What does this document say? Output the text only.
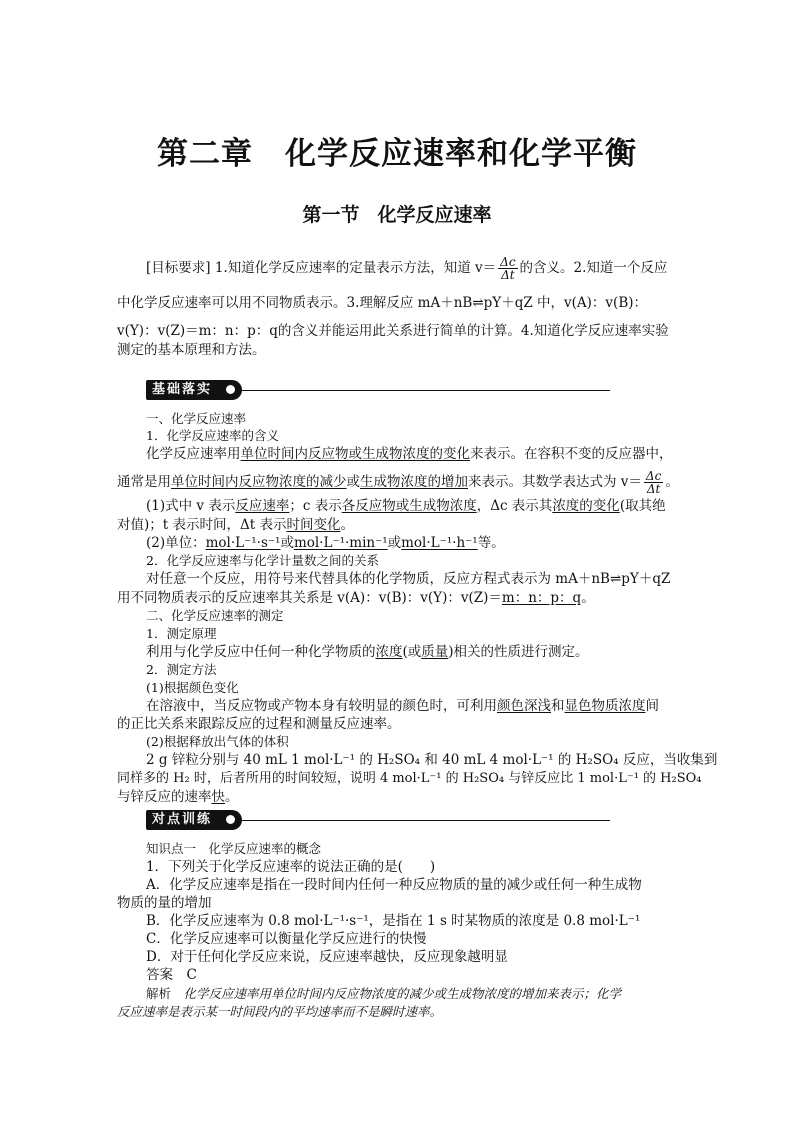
第二章　化学反应速率和化学平衡
第一节 化学反应速率
[目标要求] 1.知道化学反应速率的定量表示方法，知道 $v= \frac{\Delta c}{\Delta t}$ 的含义。2.知道一个反应
中化学反应速率可以用不同物质表示。3.理解反应 mA＋nB⇌pY＋qZ 中，v(A)：v(B)：
v(Y)：v(Z)＝m：n：p：q的含义并能运用此关系进行简单的计算。4.知道化学反应速率实验
测定的基本原理和方法。
基础落实
一、化学反应速率
1．化学反应速率的含义
化学反应速率用单位时间内反应物或生成物浓度的变化来表示。在容积不变的反应器中，
通常是用单位时间内反应物浓度的减少或生成物浓度的增加来表示。其数学表达式为 $v= \frac{\Delta c}{\Delta t}$ 。
(1)式中 v 表示反应速率；c 表示各反应物或生成物浓度，Δc 表示其浓度的变化(取其绝
对值)；t 表示时间，Δt 表示时间变化。
(2)单位：mol·L⁻¹·s⁻¹或mol·L⁻¹·min⁻¹或mol·L⁻¹·h⁻¹等。
2．化学反应速率与化学计量数之间的关系
对任意一个反应，用符号来代替具体的化学物质，反应方程式表示为 mA＋nB⇌pY＋qZ
用不同物质表示的反应速率其关系是 v(A)：v(B)：v(Y)：v(Z)＝m：n：p：q。
二、化学反应速率的测定
1．测定原理
利用与化学反应中任何一种化学物质的浓度(或质量)相关的性质进行测定。
2．测定方法
(1)根据颜色变化
在溶液中，当反应物或产物本身有较明显的颜色时，可利用颜色深浅和显色物质浓度间
的正比关系来跟踪反应的过程和测量反应速率。
(2)根据释放出气体的体积
2 g 锌粒分别与 40 mL 1 mol·L⁻¹ 的 H₂SO₄ 和 40 mL 4 mol·L⁻¹ 的 H₂SO₄ 反应，当收集到
同样多的 H₂ 时，后者所用的时间较短，说明 4 mol·L⁻¹ 的 H₂SO₄ 与锌反应比 1 mol·L⁻¹ 的 H₂SO₄
与锌反应的速率快。
对点训练
知识点一　化学反应速率的概念
1．下列关于化学反应速率的说法正确的是(　　)
A．化学反应速率是指在一段时间内任何一种反应物质的量的减少或任何一种生成物
物质的量的增加
B．化学反应速率为 0.8 mol·L⁻¹·s⁻¹，是指在 1 s 时某物质的浓度是 0.8 mol·L⁻¹
C．化学反应速率可以衡量化学反应进行的快慢
D．对于任何化学反应来说，反应速率越快，反应现象越明显
答案　 C
解析　 化学反应速率用单位时间内反应物浓度的减少或生成物浓度的增加来表示；化学
反应速率是表示某一时间段内的平均速率而不是瞬时速率。
